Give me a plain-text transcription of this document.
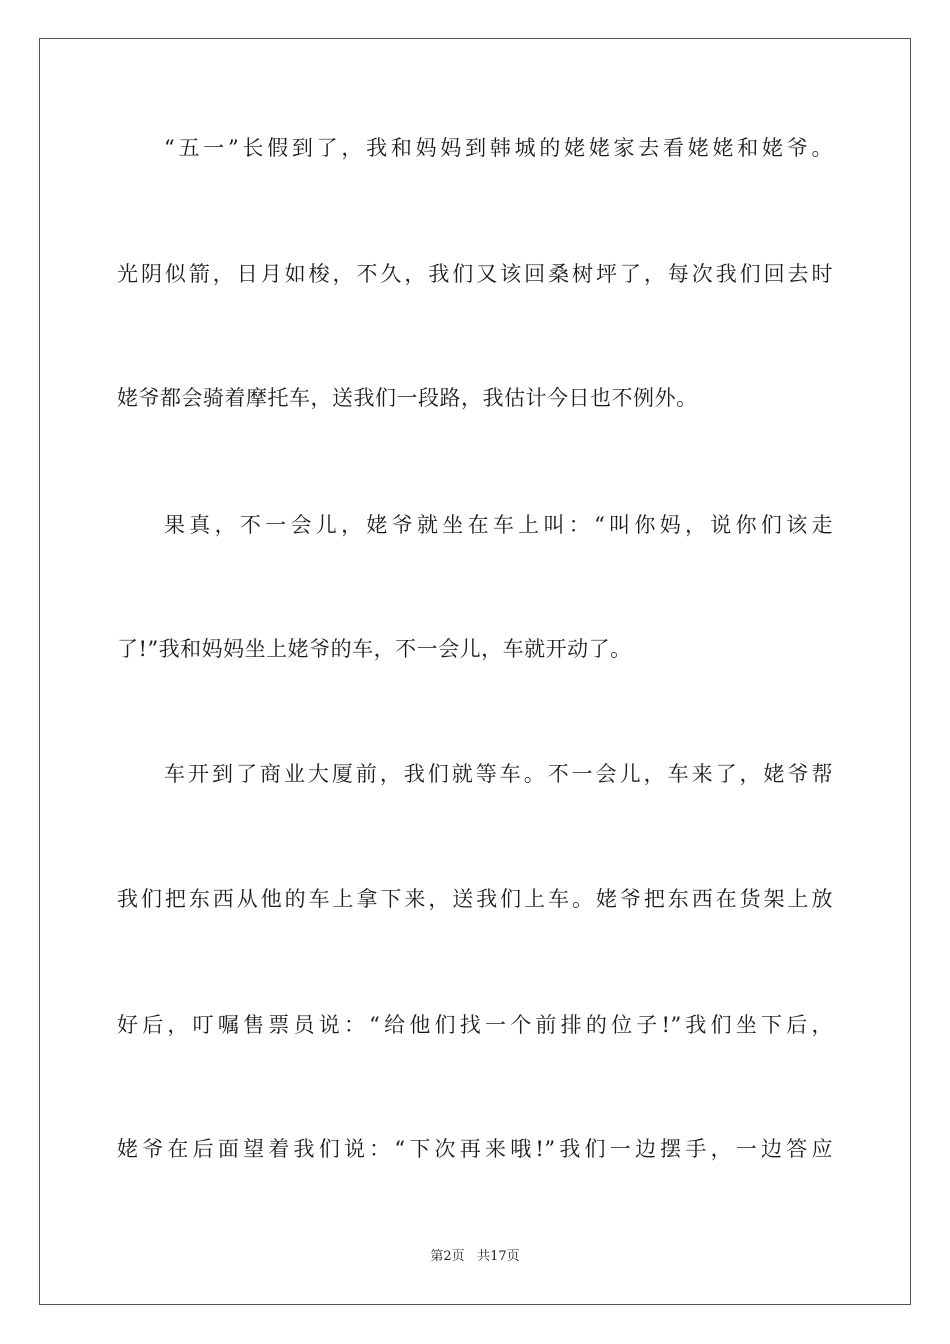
“五一”长假到了，我和妈妈到韩城的姥姥家去看姥姥和姥爷。
光阴似箭，日月如梭，不久，我们又该回桑树坪了，每次我们回去时
姥爷都会骑着摩托车，送我们一段路，我估计今日也不例外。
果真，不一会儿，姥爷就坐在车上叫：“叫你妈，说你们该走
了!”我和妈妈坐上姥爷的车，不一会儿，车就开动了。
车开到了商业大厦前，我们就等车。不一会儿，车来了，姥爷帮
我们把东西从他的车上拿下来，送我们上车。姥爷把东西在货架上放
好后，叮嘱售票员说：“给他们找一个前排的位子!”我们坐下后，
姥爷在后面望着我们说：“下次再来哦!”我们一边摆手，一边答应
第2页 共17页
